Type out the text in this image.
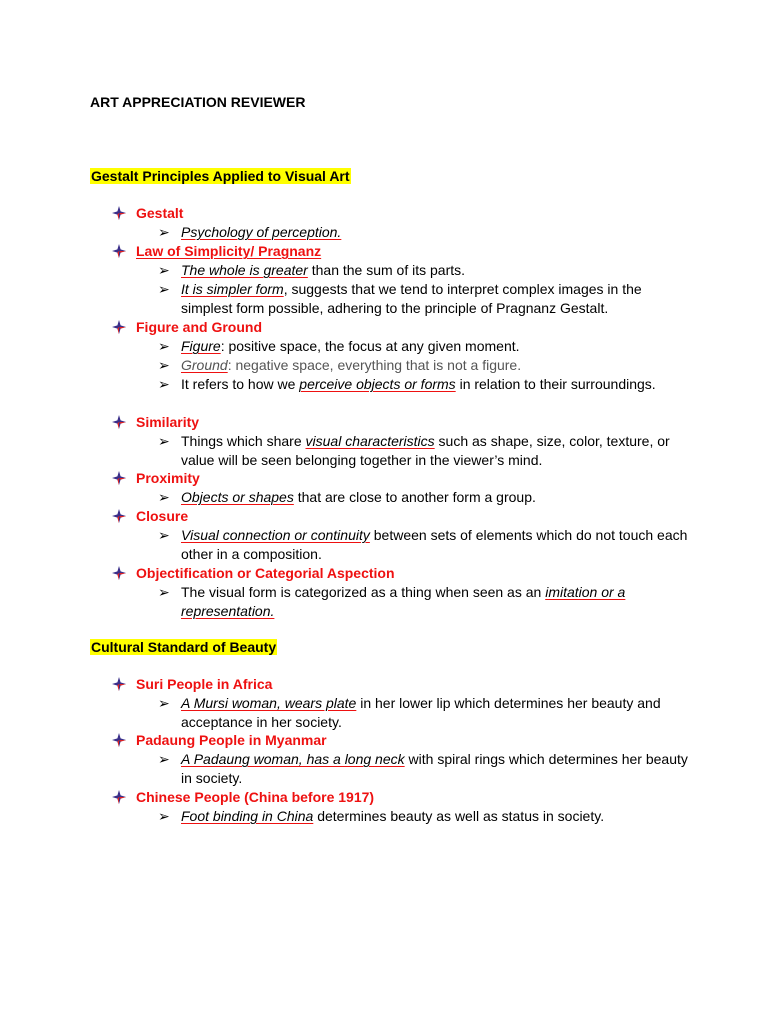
ART APPRECIATION REVIEWER
Gestalt Principles Applied to Visual Art
Gestalt
➢ Psychology of perception.
Law of Simplicity/ Pragnanz
➢ The whole is greater than the sum of its parts.
➢ It is simpler form, suggests that we tend to interpret complex images in the simplest form possible, adhering to the principle of Pragnanz Gestalt.
Figure and Ground
➢ Figure: positive space, the focus at any given moment.
➢ Ground: negative space, everything that is not a figure.
➢ It refers to how we perceive objects or forms in relation to their surroundings.
Similarity
➢ Things which share visual characteristics such as shape, size, color, texture, or value will be seen belonging together in the viewer’s mind.
Proximity
➢ Objects or shapes that are close to another form a group.
Closure
➢ Visual connection or continuity between sets of elements which do not touch each other in a composition.
Objectification or Categorial Aspection
➢ The visual form is categorized as a thing when seen as an imitation or a representation.
Cultural Standard of Beauty
Suri People in Africa
➢ A Mursi woman, wears plate in her lower lip which determines her beauty and acceptance in her society.
Padaung People in Myanmar
➢ A Padaung woman, has a long neck with spiral rings which determines her beauty in society.
Chinese People (China before 1917)
➢ Foot binding in China determines beauty as well as status in society.
